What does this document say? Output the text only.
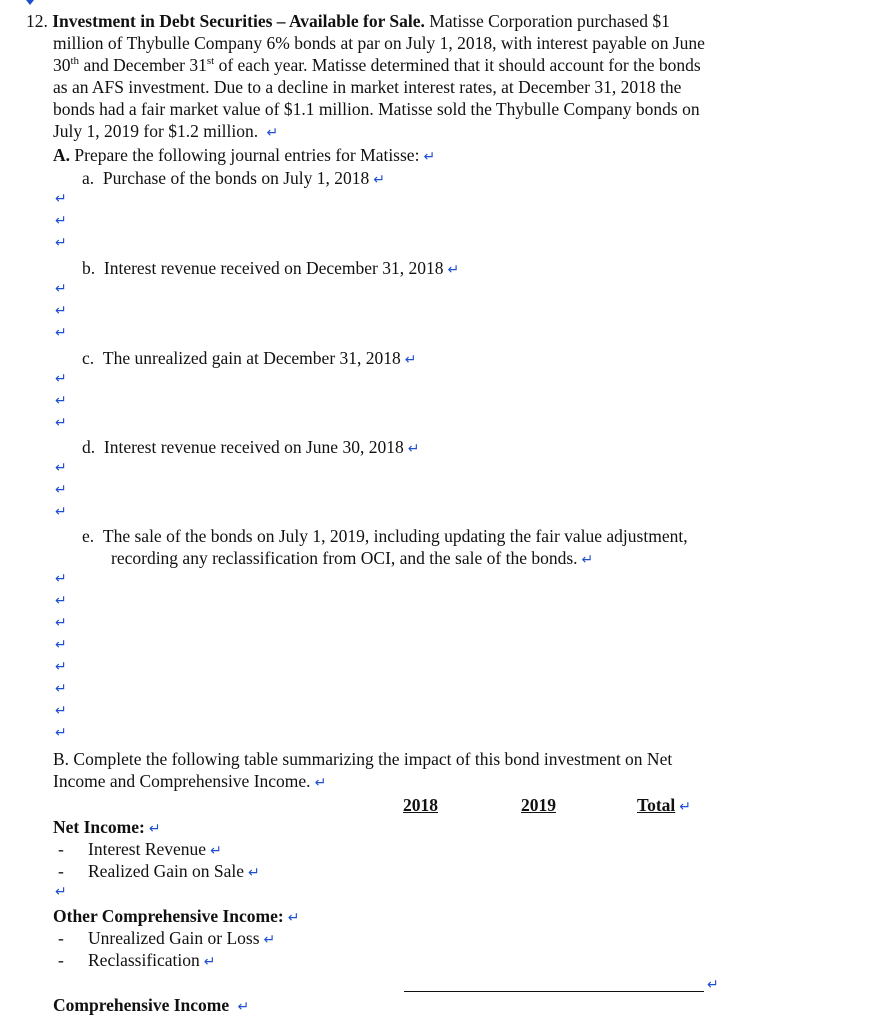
12. Investment in Debt Securities – Available for Sale. Matisse Corporation purchased $1
million of Thybulle Company 6% bonds at par on July 1, 2018, with interest payable on June
30th and December 31st of each year. Matisse determined that it should account for the bonds
as an AFS investment. Due to a decline in market interest rates, at December 31, 2018 the
bonds had a fair market value of $1.1 million. Matisse sold the Thybulle Company bonds on
July 1, 2019 for $1.2 million. ↵
A. Prepare the following journal entries for Matisse: ↵
a. Purchase of the bonds on July 1, 2018 ↵
↵
↵
↵
b. Interest revenue received on December 31, 2018 ↵
↵
↵
↵
c. The unrealized gain at December 31, 2018 ↵
↵
↵
↵
d. Interest revenue received on June 30, 2018 ↵
↵
↵
↵
e. The sale of the bonds on July 1, 2019, including updating the fair value adjustment,
recording any reclassification from OCI, and the sale of the bonds. ↵
↵
↵
↵
↵
↵
↵
↵
↵
B. Complete the following table summarizing the impact of this bond investment on Net
Income and Comprehensive Income. ↵
2018	2019	Total ↵
Net Income: ↵
- Interest Revenue ↵
- Realized Gain on Sale ↵
↵
Other Comprehensive Income: ↵
- Unrealized Gain or Loss ↵
- Reclassification ↵
↵
Comprehensive Income ↵
